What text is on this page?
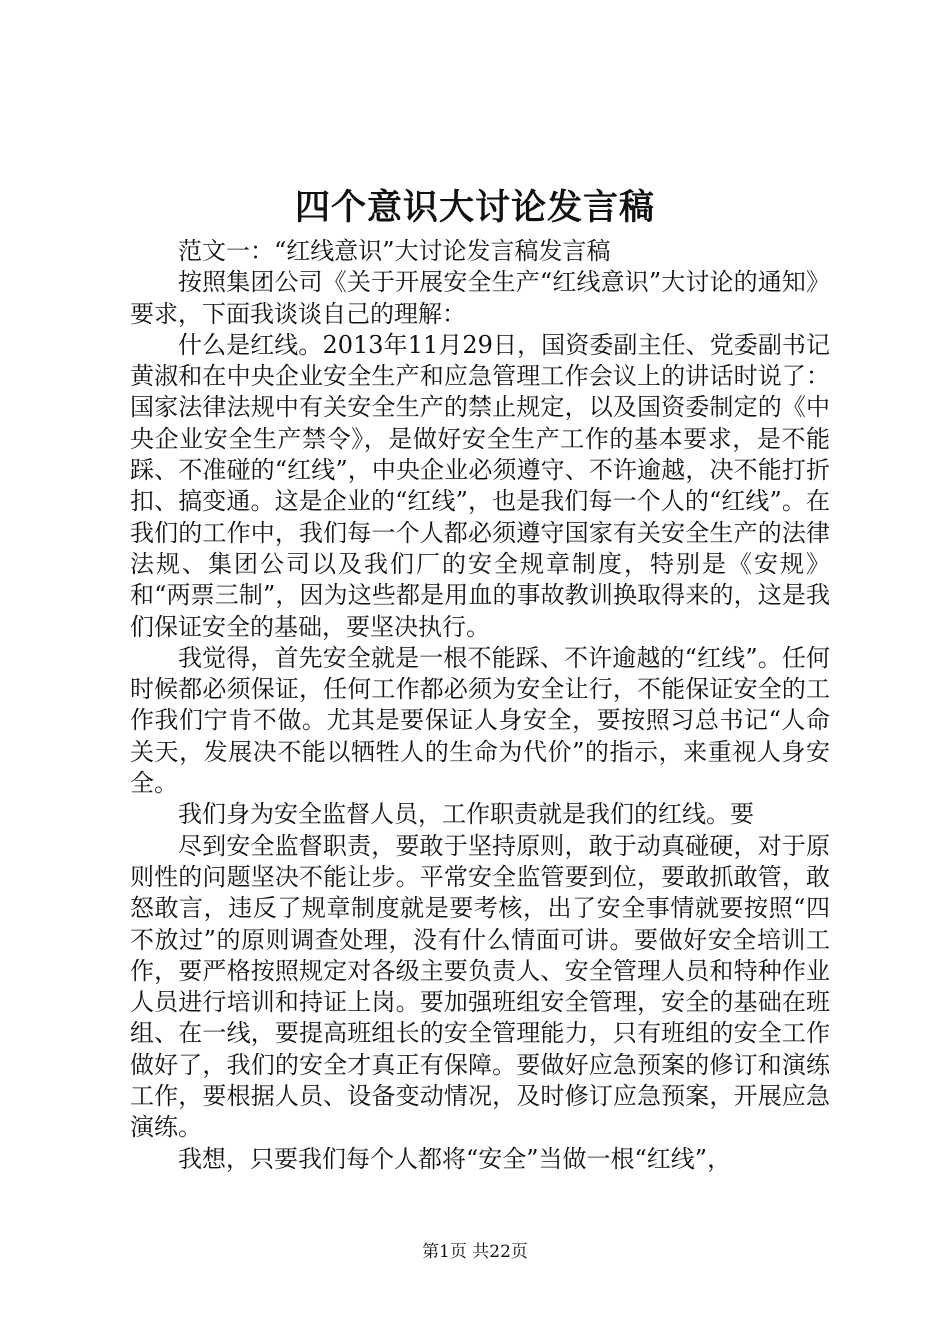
四个意识大讨论发言稿

范文一：“红线意识”大讨论发言稿发言稿

按照集团公司《关于开展安全生产“红线意识”大讨论的通知》要求，下面我谈谈自己的理解：

什么是红线。2013年11月29日，国资委副主任、党委副书记黄淑和在中央企业安全生产和应急管理工作会议上的讲话时说了：国家法律法规中有关安全生产的禁止规定，以及国资委制定的《中央企业安全生产禁令》，是做好安全生产工作的基本要求，是不能踩、不准碰的“红线”，中央企业必须遵守、不许逾越，决不能打折扣、搞变通。这是企业的“红线”，也是我们每一个人的“红线”。在我们的工作中，我们每一个人都必须遵守国家有关安全生产的法律法规、集团公司以及我们厂的安全规章制度，特别是《安规》和“两票三制”，因为这些都是用血的事故教训换取得来的，这是我们保证安全的基础，要坚决执行。

我觉得，首先安全就是一根不能踩、不许逾越的“红线”。任何时候都必须保证，任何工作都必须为安全让行，不能保证安全的工作我们宁肯不做。尤其是要保证人身安全，要按照习总书记“人命关天，发展决不能以牺牲人的生命为代价”的指示，来重视人身安全。

我们身为安全监督人员，工作职责就是我们的红线。要

尽到安全监督职责，要敢于坚持原则，敢于动真碰硬，对于原则性的问题坚决不能让步。平常安全监管要到位，要敢抓敢管，敢怒敢言，违反了规章制度就是要考核，出了安全事情就要按照“四不放过”的原则调查处理，没有什么情面可讲。要做好安全培训工作，要严格按照规定对各级主要负责人、安全管理人员和特种作业人员进行培训和持证上岗。要加强班组安全管理，安全的基础在班组、在一线，要提高班组长的安全管理能力，只有班组的安全工作做好了，我们的安全才真正有保障。要做好应急预案的修订和演练工作，要根据人员、设备变动情况，及时修订应急预案，开展应急演练。

我想，只要我们每个人都将“安全”当做一根“红线”，

第1页 共22页
